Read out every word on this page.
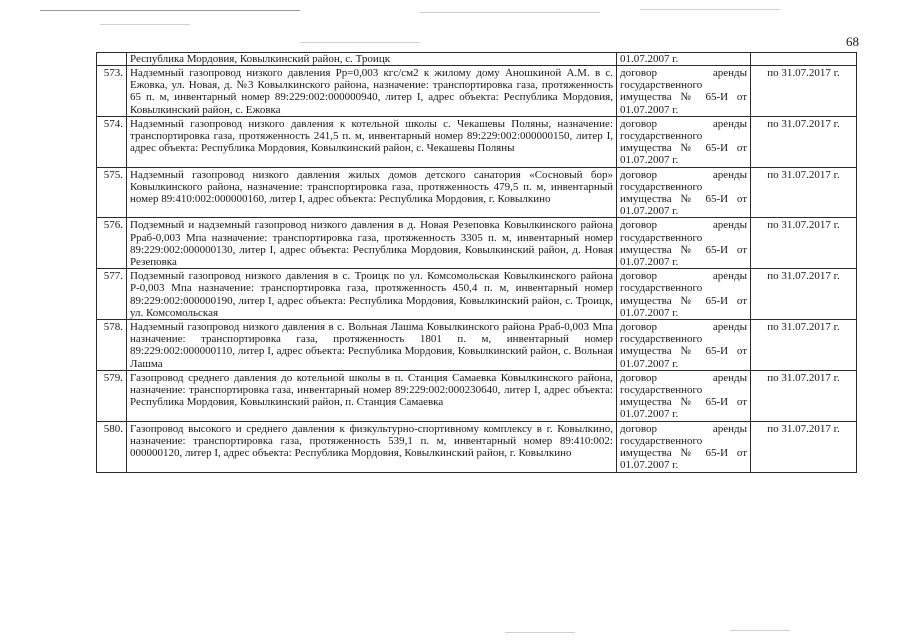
68
	Республика Мордовия, Ковылкинский район, с. Троицк	01.07.2007 г.	
573.	Надземный газопровод низкого давления Рр=0,003 кгс/см2 к жилому дому Аношкиной А.М. в с. Ежовка, ул. Новая, д. №3 Ковылкинского района, назначение: транспортировка газа, протяженность 65 п. м, инвентарный номер 89:229:002:000000940, литер I, адрес объекта: Республика Мордовия, Ковылкинский район, с. Ежовка	договор аренды государственного имущества № 65-И от 01.07.2007 г.	по 31.07.2017 г.
574.	Надземный газопровод низкого давления к котельной школы с. Чекашевы Поляны, назначение: транспортировка газа, протяженность 241,5 п. м, инвентарный номер 89:229:002:000000150, литер I, адрес объекта: Республика Мордовия, Ковылкинский район, с. Чекашевы Поляны	договор аренды государственного имущества № 65-И от 01.07.2007 г.	по 31.07.2017 г.
575.	Надземный газопровод низкого давления жилых домов детского санатория «Сосновый бор» Ковылкинского района, назначение: транспортировка газа, протяженность 479,5 п. м, инвентарный номер 89:410:002:000000160, литер I, адрес объекта: Республика Мордовия, г. Ковылкино	договор аренды государственного имущества № 65-И от 01.07.2007 г.	по 31.07.2017 г.
576.	Подземный и надземный газопровод низкого давления в д. Новая Резеповка Ковылкинского района Рраб-0,003 Мпа назначение: транспортировка газа, протяженность 3305 п. м, инвентарный номер 89:229:002:000000130, литер I, адрес объекта: Республика Мордовия, Ковылкинский район, д. Новая Резеповка	договор аренды государственного имущества № 65-И от 01.07.2007 г.	по 31.07.2017 г.
577.	Подземный газопровод низкого давления в с. Троицк по ул. Комсомольская Ковылкинского района Р-0,003 Мпа назначение: транспортировка газа, протяженность 450,4 п. м, инвентарный номер 89:229:002:000000190, литер I, адрес объекта: Республика Мордовия, Ковылкинский район, с. Троицк, ул. Комсомольская	договор аренды государственного имущества № 65-И от 01.07.2007 г.	по 31.07.2017 г.
578.	Надземный газопровод низкого давления в с. Вольная Лашма Ковылкинского района Рраб-0,003 Мпа назначение: транспортировка газа, протяженность 1801 п. м, инвентарный номер 89:229:002:000000110, литер I, адрес объекта: Республика Мордовия, Ковылкинский район, с. Вольная Лашма	договор аренды государственного имущества № 65-И от 01.07.2007 г.	по 31.07.2017 г.
579.	Газопровод среднего давления до котельной школы в п. Станция Самаевка Ковылкинского района, назначение: транспортировка газа, инвентарный номер 89:229:002:000230640, литер I, адрес объекта: Республика Мордовия, Ковылкинский район, п. Станция Самаевка	договор аренды государственного имущества № 65-И от 01.07.2007 г.	по 31.07.2017 г.
580.	Газопровод высокого и среднего давления к физкультурно-спортивному комплексу в г. Ковылкино, назначение: транспортировка газа, протяженность 539,1 п. м, инвентарный номер 89:410:002: 000000120, литер I, адрес объекта: Республика Мордовия, Ковылкинский район, г. Ковылкино	договор аренды государственного имущества № 65-И от 01.07.2007 г.	по 31.07.2017 г.
